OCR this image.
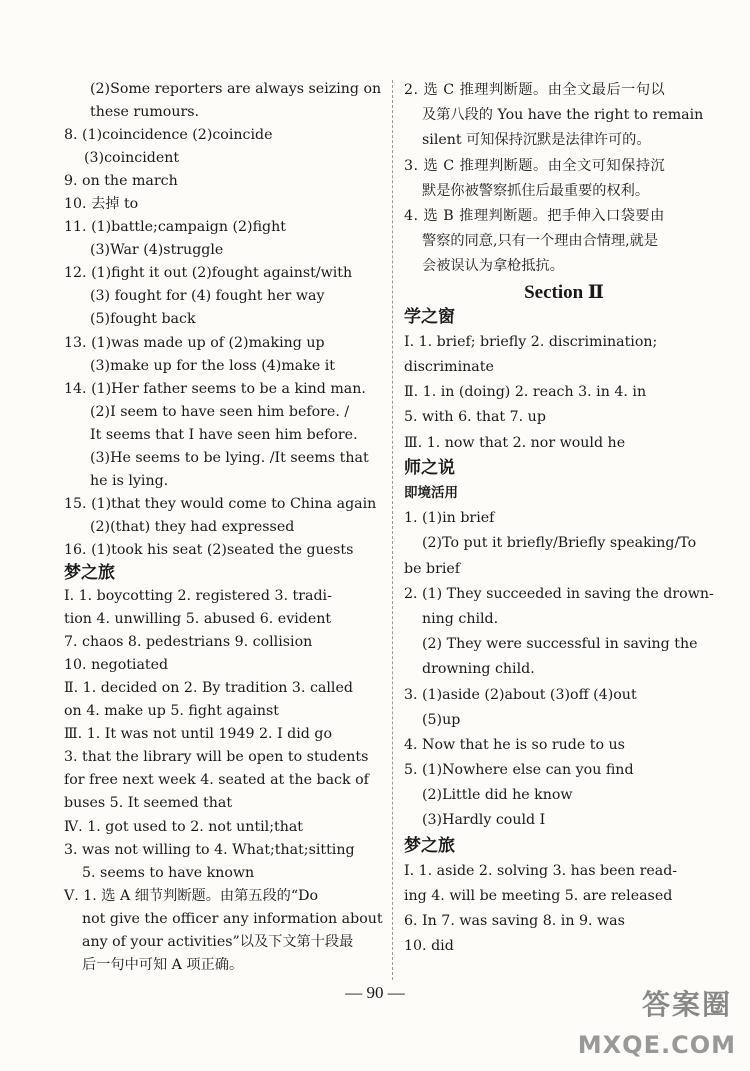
(2)Some reporters are always seizing on
these rumours.
8. (1)coincidence (2)coincide
(3)coincident
9. on the march
10. 去掉 to
11. (1)battle;campaign (2)fight
(3)War (4)struggle
12. (1)fight it out (2)fought against/with
(3) fought for (4) fought her way
(5)fought back
13. (1)was made up of (2)making up
(3)make up for the loss (4)make it
14. (1)Her father seems to be a kind man.
(2)I seem to have seen him before. /
It seems that I have seen him before.
(3)He seems to be lying. /It seems that
he is lying.
15. (1)that they would come to China again
(2)(that) they had expressed
16. (1)took his seat (2)seated the guests
梦之旅
Ⅰ. 1. boycotting 2. registered 3. tradi-
tion 4. unwilling 5. abused 6. evident
7. chaos 8. pedestrians 9. collision
10. negotiated
Ⅱ. 1. decided on 2. By tradition 3. called
on 4. make up 5. fight against
Ⅲ. 1. It was not until 1949 2. I did go
3. that the library will be open to students
for free next week 4. seated at the back of
buses 5. It seemed that
Ⅳ. 1. got used to 2. not until;that
3. was not willing to 4. What;that;sitting
5. seems to have known
Ⅴ. 1. 选 A 细节判断题。由第五段的“Do
not give the officer any information about
any of your activities”以及下文第十段最
后一句中可知 A 项正确。
2. 选 C 推理判断题。由全文最后一句以
及第八段的 You have the right to remain
silent 可知保持沉默是法律许可的。
3. 选 C 推理判断题。由全文可知保持沉
默是你被警察抓住后最重要的权利。
4. 选 B 推理判断题。把手伸入口袋要由
警察的同意,只有一个理由合情理,就是
会被误认为拿枪抵抗。
Section Ⅱ
学之窗
Ⅰ. 1. brief; briefly 2. discrimination;
discriminate
Ⅱ. 1. in (doing) 2. reach 3. in 4. in
5. with 6. that 7. up
Ⅲ. 1. now that 2. nor would he
师之说
即境活用
1. (1)in brief
(2)To put it briefly/Briefly speaking/To
be brief
2. (1) They succeeded in saving the drown-
ning child.
(2) They were successful in saving the
drowning child.
3. (1)aside (2)about (3)off (4)out
(5)up
4. Now that he is so rude to us
5. (1)Nowhere else can you find
(2)Little did he know
(3)Hardly could I
梦之旅
Ⅰ. 1. aside 2. solving 3. has been read-
ing 4. will be meeting 5. are released
6. In 7. was saving 8. in 9. was
10. did
— 90 —	答案圈
MXQE.COM
